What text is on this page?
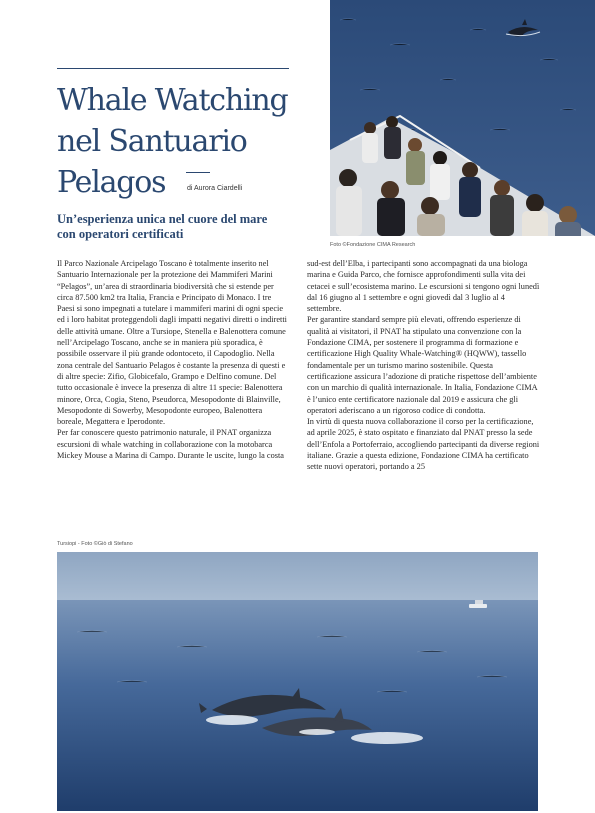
Foto ©Fondazione CIMA Research
Whale Watching nel Santuario Pelagos	di Aurora Ciardelli
Un’esperienza unica nel cuore del mare con operatori certificati

Il Parco Nazionale Arcipelago Toscano è totalmente inserito nel Santuario Internazionale per la protezione dei Mammiferi Marini “Pelagos”, un’area di straordinaria biodiversità che si estende per circa 87.500 km2 tra Italia, Francia e Principato di Monaco. I tre Paesi si sono impegnati a tutelare i mammiferi marini di ogni specie ed i loro habitat proteggendoli dagli impatti negativi diretti o indiretti delle attività umane. Oltre a Tursiope, Stenella e Balenottera comune nell’Arcipelago Toscano, anche se in maniera più sporadica, è possibile osservare il più grande odontoceto, il Capodoglio. Nella zona centrale del Santuario Pelagos è costante la presenza di questi e di altre specie: Zifio, Globicefalo, Grampo e Delfino comune. Del tutto occasionale è invece la presenza di altre 11 specie: Balenottera minore, Orca, Cogia, Steno, Pseudorca, Mesopodonte di Blainville, Mesopodonte di Sowerby, Mesopodonte europeo, Balenottera boreale, Megattera e Iperodonte.

Per far conoscere questo patrimonio naturale, il PNAT organizza escursioni di whale watching in collaborazione con la motobarca Mickey Mouse a Marina di Campo. Durante le uscite, lungo la costa

sud-est dell’Elba, i partecipanti sono accompagnati da una biologa marina e Guida Parco, che fornisce approfondimenti sulla vita dei cetacei e sull’ecosistema marino. Le escursioni si tengono ogni lunedì dal 16 giugno al 1 settembre e ogni giovedì dal 3 luglio al 4 settembre.

Per garantire standard sempre più elevati, offrendo esperienze di qualità ai visitatori, il PNAT ha stipulato una convenzione con la Fondazione CIMA, per sostenere il programma di formazione e certificazione High Quality Whale-Watching® (HQWW), tassello fondamentale per un turismo marino sostenibile. Questa certificazione assicura l’adozione di pratiche rispettose dell’ambiente con un marchio di qualità internazionale. In Italia, Fondazione CIMA è l’unico ente certificatore nazionale dal 2019 e assicura che gli operatori aderiscano a un rigoroso codice di condotta.

In virtù di questa nuova collaborazione il corso per la certificazione, ad aprile 2025, è stato ospitato e finanziato dal PNAT presso la sede dell’Enfola a Portoferraio, accogliendo partecipanti da diverse regioni italiane. Grazie a questa edizione, Fondazione CIMA ha certificato sette nuovi operatori, portando a 25

Tursiopi - Foto ©Giò di Stefano
